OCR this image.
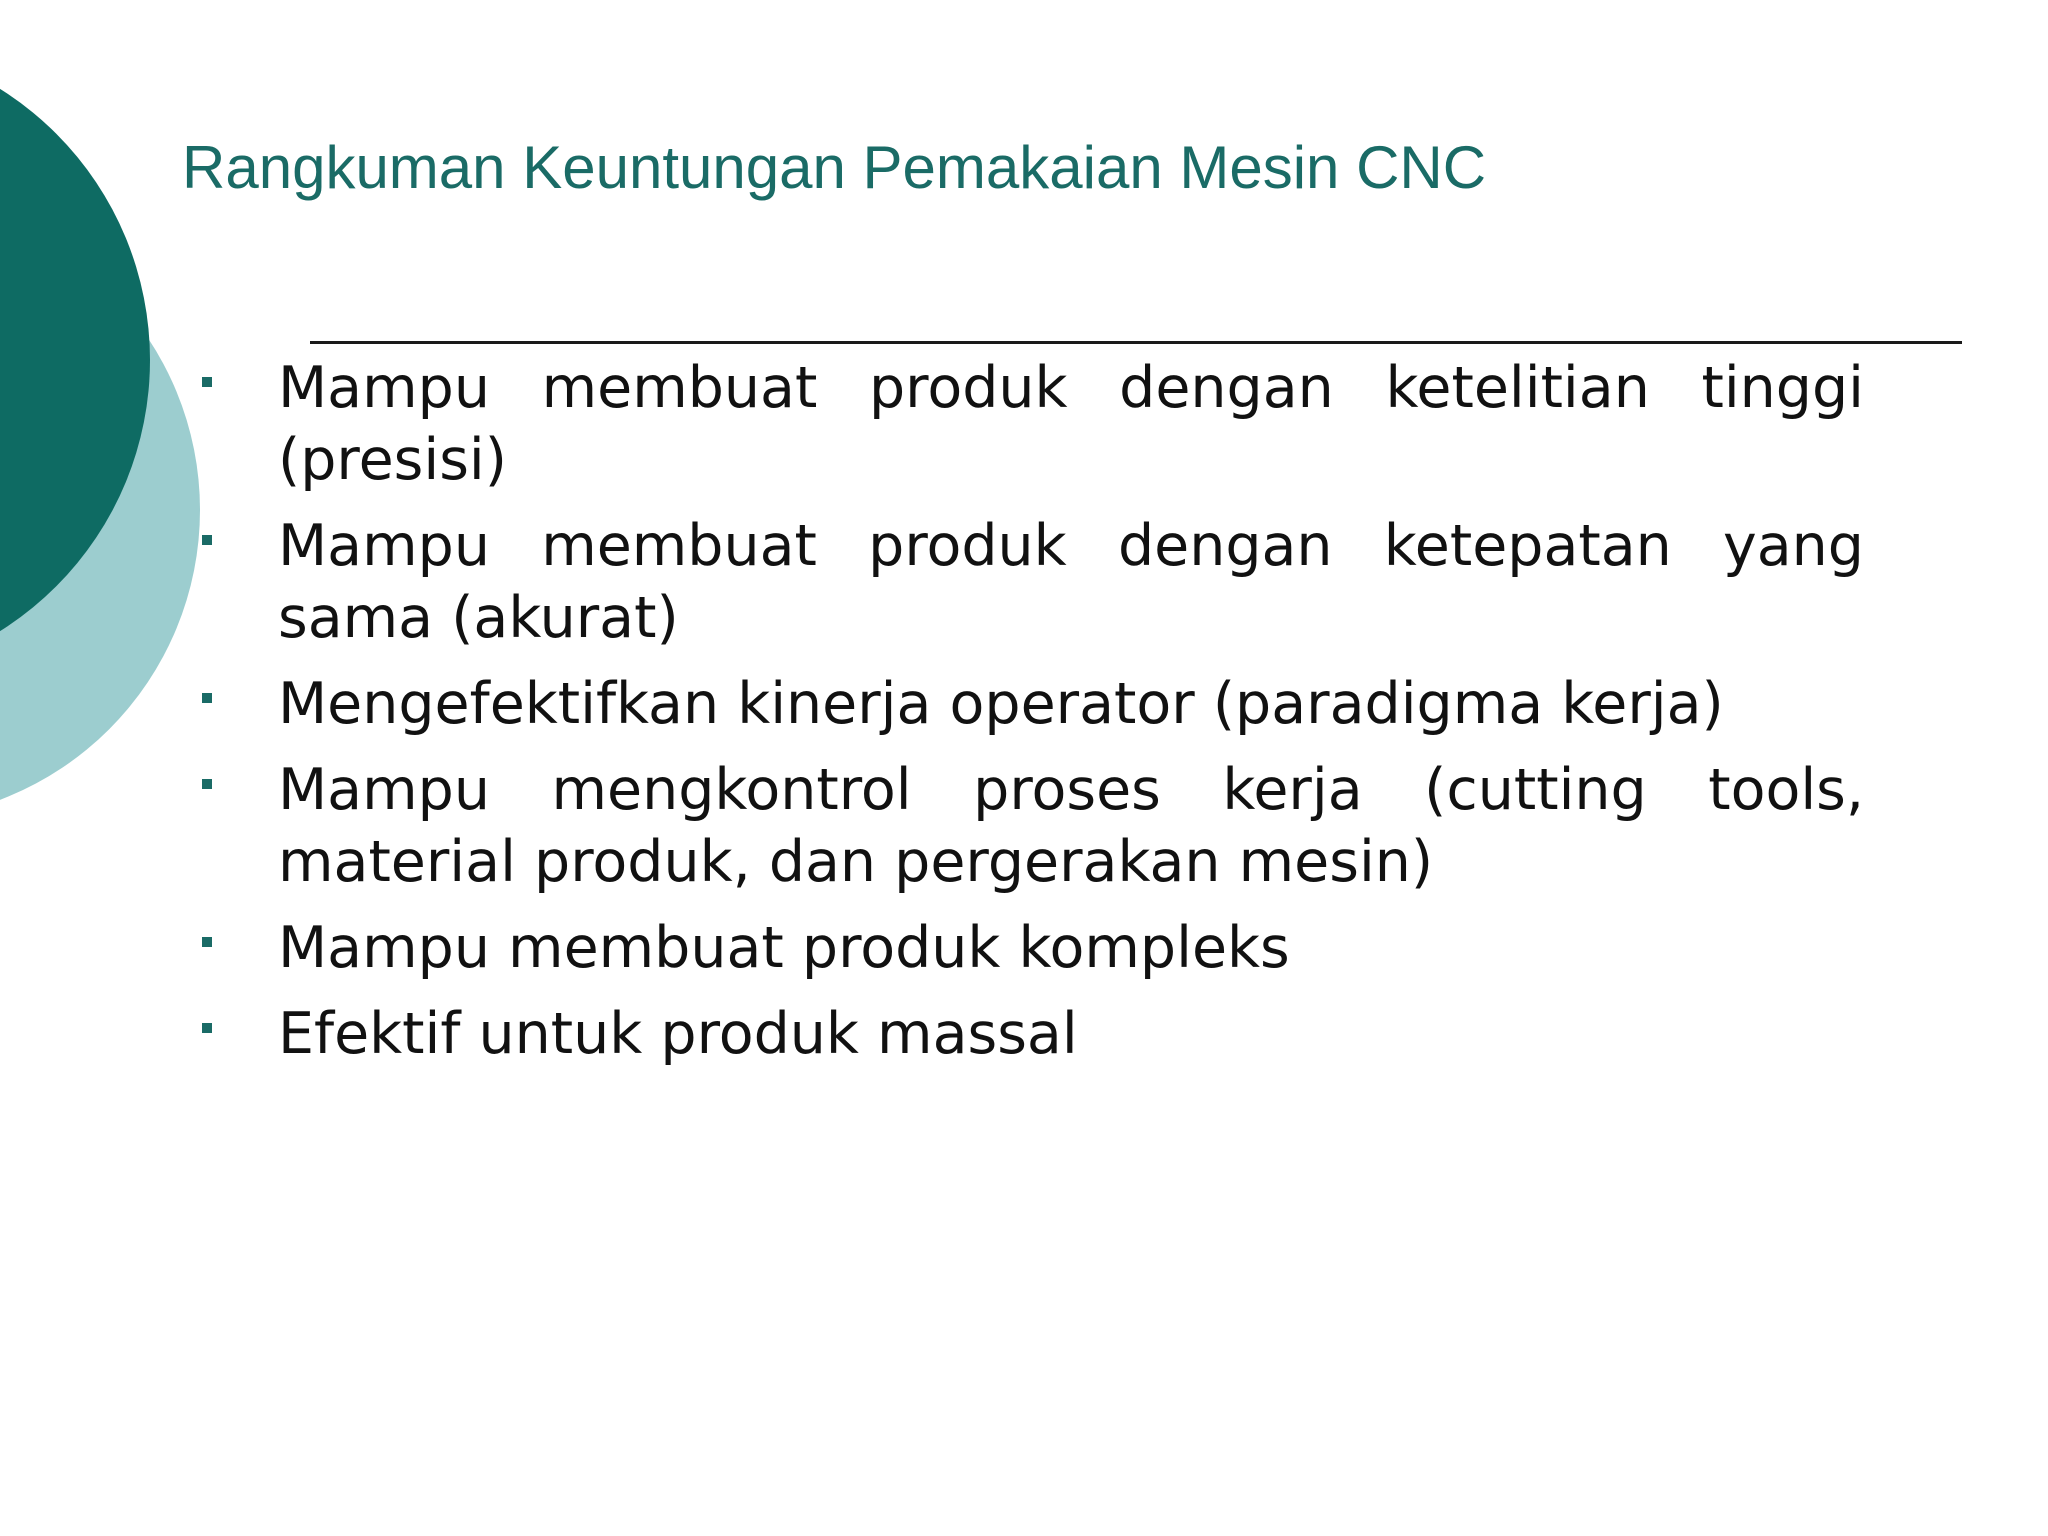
Rangkuman Keuntungan Pemakaian Mesin CNC
Mampu membuat produk dengan ketelitian tinggi (presisi)
Mampu membuat produk dengan ketepatan yang sama (akurat)
Mengefektifkan kinerja operator (paradigma kerja)
Mampu mengkontrol proses kerja (cutting tools, material produk, dan pergerakan mesin)
Mampu membuat produk kompleks
Efektif untuk produk massal
